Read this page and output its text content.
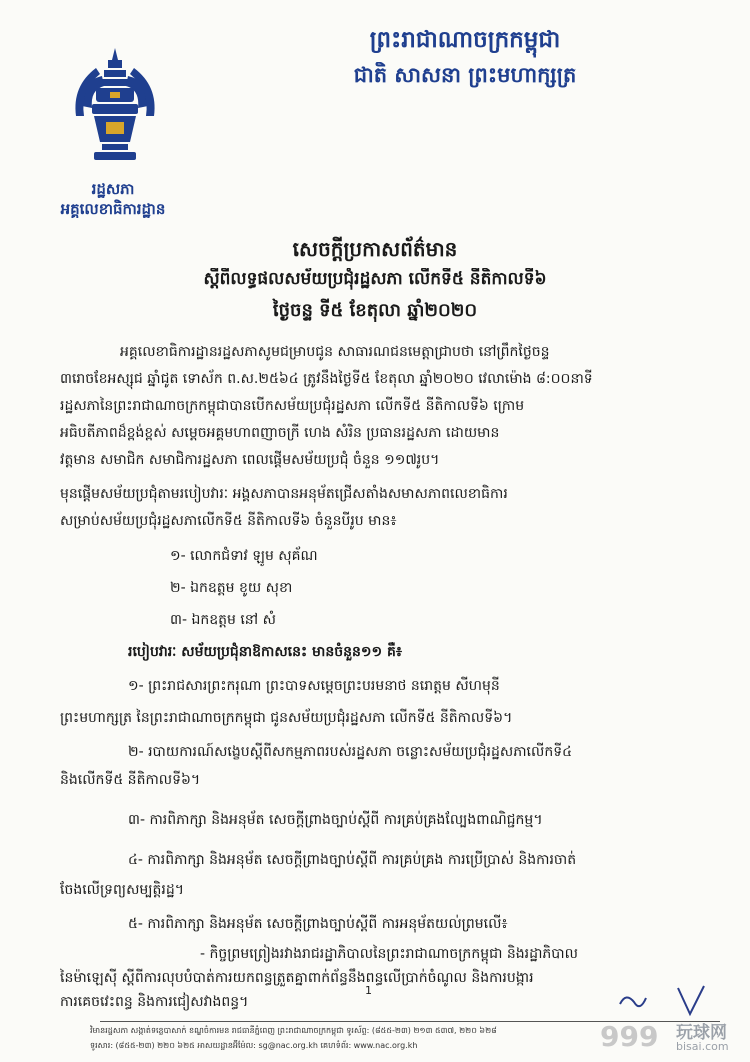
ព្រះរាជាណាចក្រកម្ពុជា
ជាតិ សាសនា ព្រះមហាក្សត្រ
រដ្ឋសភា
អគ្គលេខាធិការដ្ឋាន
សេចក្តីប្រកាសព័ត៌មាន
ស្តីពីលទ្ធផលសម័យប្រជុំរដ្ឋសភា លើកទី៥ នីតិកាលទី៦
ថ្ងៃចន្ទ ទី៥ ខែតុលា ឆ្នាំ២០២០
អគ្គលេខាធិការដ្ឋានរដ្ឋសភាសូមជម្រាបជូន សាធារណជនមេត្តាជ្រាបថា នៅព្រឹកថ្ងៃចន្ទ
៣រោចខែអស្សុជ ឆ្នាំជូត ទោស័ក ព.ស.២៥៦៤ ត្រូវនឹងថ្ងៃទី៥ ខែតុលា ឆ្នាំ២០២០ វេលាម៉ោង ៨:០០នាទី
រដ្ឋសភានៃព្រះរាជាណាចក្រកម្ពុជាបានបើកសម័យប្រជុំរដ្ឋសភា លើកទី៥ នីតិកាលទី៦ ក្រោម
អធិបតីភាពដ៏ខ្ពង់ខ្ពស់ សម្តេចអគ្គមហាពញាចក្រី ហេង សំរិន ប្រធានរដ្ឋសភា ដោយមាន
វត្តមាន សមាជិក សមាជិការដ្ឋសភា ពេលផ្តើមសម័យប្រជុំ ចំនួន ១១៧រូប។
មុនផ្តើមសម័យប្រជុំតាមរបៀបវារៈ អង្គសភាបានអនុម័តជ្រើសតាំងសមាសភាពលេខាធិការ
សម្រាប់សម័យប្រជុំរដ្ឋសភាលើកទី៥ នីតិកាលទី៦ ចំនួនបីរូប មាន៖
១- លោកជំទាវ ឡូម សុគ័ណ
២- ឯកឧត្តម ខូយ សុខា
៣- ឯកឧត្តម នៅ សំ
របៀបវារៈ សម័យប្រជុំនាឱកាសនេះ មានចំនួន១១ គឺ៖
១- ព្រះរាជសារព្រះករុណា ព្រះបាទសម្តេចព្រះបរមនាថ នរោត្តម សីហមុនី
ព្រះមហាក្សត្រ នៃព្រះរាជាណាចក្រកម្ពុជា ជូនសម័យប្រជុំរដ្ឋសភា លើកទី៥ នីតិកាលទី៦។
២- របាយការណ៍សង្ខេបស្តីពីសកម្មភាពរបស់រដ្ឋសភា ចន្លោះសម័យប្រជុំរដ្ឋសភាលើកទី៤
និងលើកទី៥ នីតិកាលទី៦។
៣- ការពិភាក្សា និងអនុម័ត សេចក្តីព្រាងច្បាប់ស្តីពី ការគ្រប់គ្រងល្បែងពាណិជ្ជកម្ម។
៤- ការពិភាក្សា និងអនុម័ត សេចក្តីព្រាងច្បាប់ស្តីពី ការគ្រប់គ្រង ការប្រើប្រាស់ និងការចាត់
ចែងលើទ្រព្យសម្បត្តិរដ្ឋ។
៥- ការពិភាក្សា និងអនុម័ត សេចក្តីព្រាងច្បាប់ស្តីពី ការអនុម័តយល់ព្រមលើ៖
- កិច្ចព្រមព្រៀងរវាងរាជរដ្ឋាភិបាលនៃព្រះរាជាណាចក្រកម្ពុជា និងរដ្ឋាភិបាល
នៃម៉ាឡេស៊ី ស្តីពីការលុបបំបាត់ការយកពន្ធត្រួតគ្នាពាក់ព័ន្ធនឹងពន្ធលើប្រាក់ចំណូល និងការបង្ការ
ការគេចវេះពន្ធ និងការជៀសវាងពន្ធ។
1
វិមានរដ្ឋសភា សង្កាត់ទន្លេបាសាក់ ខណ្ឌចំការមន រាជធានីភ្នំពេញ ព្រះរាជាណាចក្រកម្ពុជា ទូរស័ព្ទ: (៨៥៥-២៣) ២១៣ ៥៣៧, ២២០ ៦២៨
ទូរសារ: (៨៥៥-២៣) ២២០ ៦២៥ អាសយដ្ឋានអ៊ីម៉ែល: sg@nac.org.kh គេហទំព័រ: www.nac.org.kh	999 玩球网
bisai.com
